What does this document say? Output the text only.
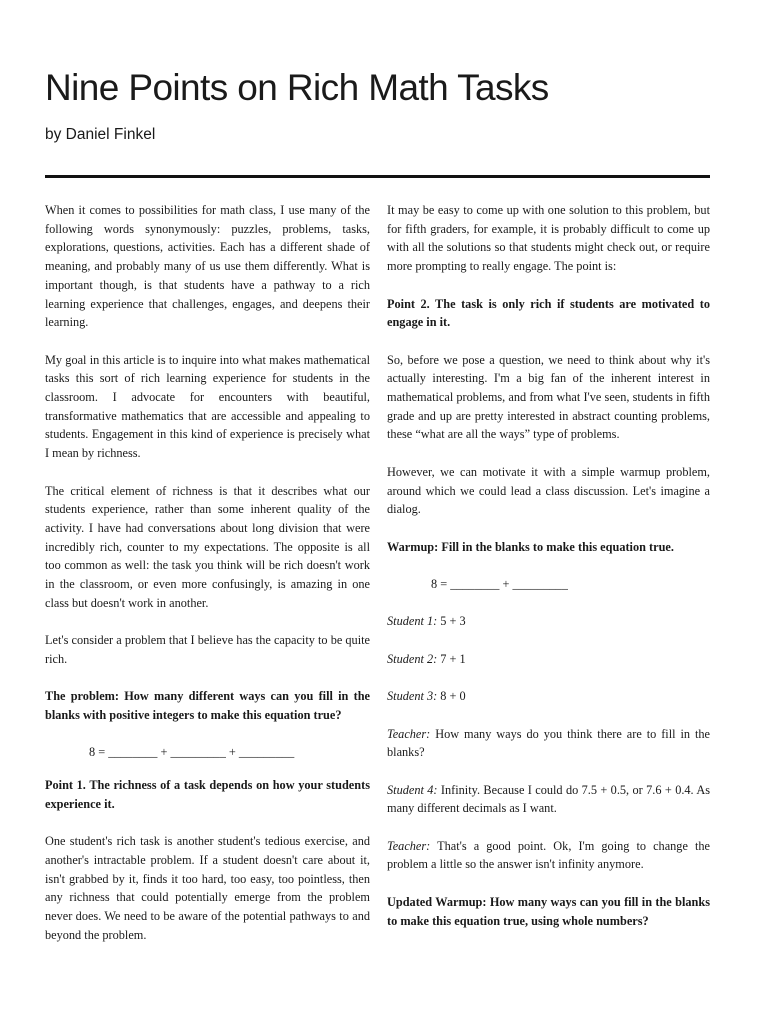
Nine Points on Rich Math Tasks
by Daniel Finkel

When it comes to possibilities for math class, I use many of the following words synonymously: puzzles, problems, tasks, explorations, questions, activities. Each has a different shade of meaning, and probably many of us use them differently. What is important though, is that students have a pathway to a rich learning experience that challenges, engages, and deepens their learning.

My goal in this article is to inquire into what makes mathematical tasks this sort of rich learning experience for students in the classroom. I advocate for encounters with beautiful, transformative mathematics that are accessible and appealing to students. Engagement in this kind of experience is precisely what I mean by richness.

The critical element of richness is that it describes what our students experience, rather than some inherent quality of the activity. I have had conversations about long division that were incredibly rich, counter to my expectations. The opposite is all too common as well: the task you think will be rich doesn't work in the classroom, or even more confusingly, is amazing in one class but doesn't work in another.

Let's consider a problem that I believe has the capacity to be quite rich.

The problem: How many different ways can you fill in the blanks with positive integers to make this equation true?

8 = ________ + _________ + _________

Point 1. The richness of a task depends on how your students experience it.

One student's rich task is another student's tedious exercise, and another's intractable problem. If a student doesn't care about it, isn't grabbed by it, finds it too hard, too easy, too pointless, then any richness that could potentially emerge from the problem never does. We need to be aware of the potential pathways to and beyond the problem.

It may be easy to come up with one solution to this problem, but for fifth graders, for example, it is probably difficult to come up with all the solutions so that students might check out, or require more prompting to really engage. The point is:

Point 2. The task is only rich if students are motivated to engage in it.

So, before we pose a question, we need to think about why it's actually interesting. I'm a big fan of the inherent interest in mathematical problems, and from what I've seen, students in fifth grade and up are pretty interested in abstract counting problems, these “what are all the ways” type of problems.

However, we can motivate it with a simple warmup problem, around which we could lead a class discussion. Let's imagine a dialog.

Warmup: Fill in the blanks to make this equation true.

8 = ________ + _________

Student 1: 5 + 3

Student 2: 7 + 1

Student 3: 8 + 0

Teacher: How many ways do you think there are to fill in the blanks?

Student 4: Infinity. Because I could do 7.5 + 0.5, or 7.6 + 0.4. As many different decimals as I want.

Teacher: That's a good point. Ok, I'm going to change the problem a little so the answer isn't infinity anymore.

Updated Warmup: How many ways can you fill in the blanks to make this equation true, using whole numbers?
